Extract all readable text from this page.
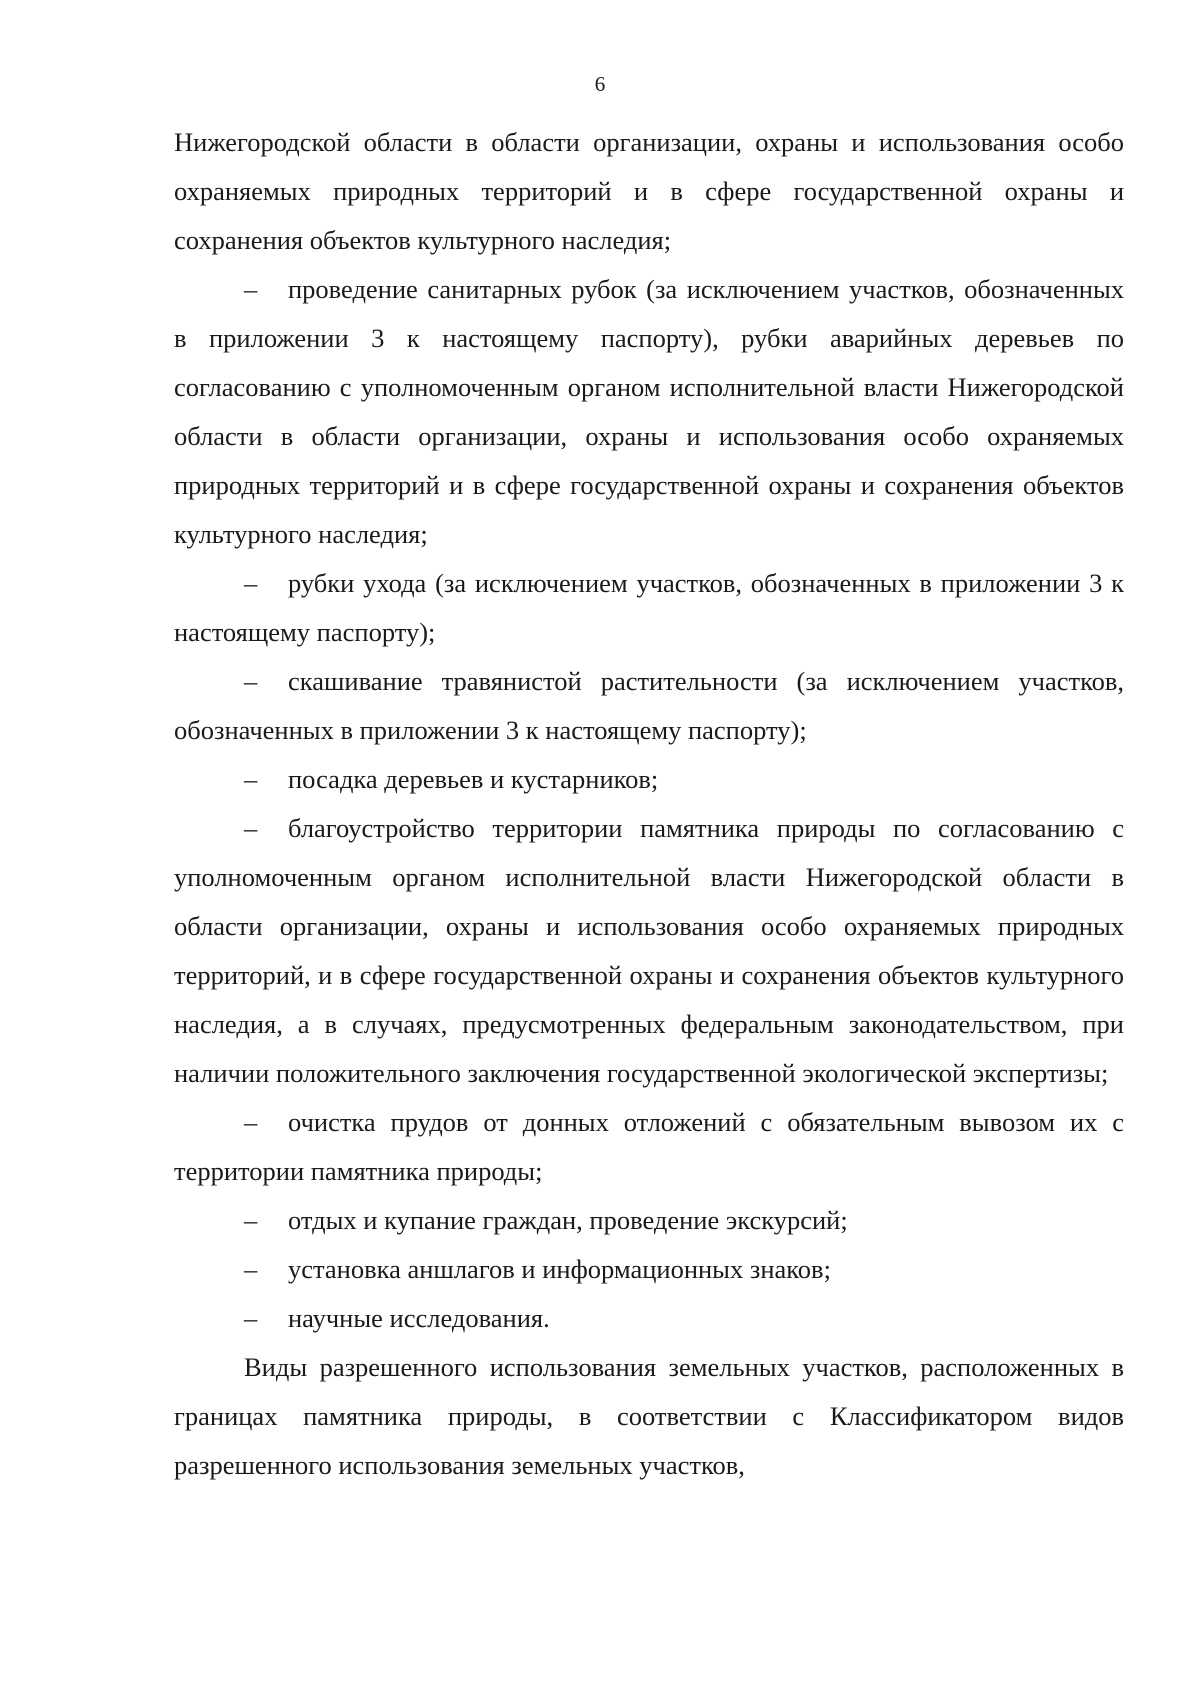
6

Нижегородской области в области организации, охраны и использования особо охраняемых природных территорий и в сфере государственной охраны и сохранения объектов культурного наследия;

– проведение санитарных рубок (за исключением участков, обозначенных в приложении 3 к настоящему паспорту), рубки аварийных деревьев по согласованию с уполномоченным органом исполнительной власти Нижегородской области в области организации, охраны и использования особо охраняемых природных территорий и в сфере государственной охраны и сохранения объектов культурного наследия;

– рубки ухода (за исключением участков, обозначенных в приложении 3 к настоящему паспорту);

– скашивание травянистой растительности (за исключением участков, обозначенных в приложении 3 к настоящему паспорту);

– посадка деревьев и кустарников;

– благоустройство территории памятника природы по согласованию с уполномоченным органом исполнительной власти Нижегородской области в области организации, охраны и использования особо охраняемых природных территорий, и в сфере государственной охраны и сохранения объектов культурного наследия, а в случаях, предусмотренных федеральным законодательством, при наличии положительного заключения государственной экологической экспертизы;

– очистка прудов от донных отложений с обязательным вывозом их с территории памятника природы;

– отдых и купание граждан, проведение экскурсий;

– установка аншлагов и информационных знаков;

– научные исследования.

Виды разрешенного использования земельных участков, расположенных в границах памятника природы, в соответствии с Классификатором видов разрешенного использования земельных участков,
